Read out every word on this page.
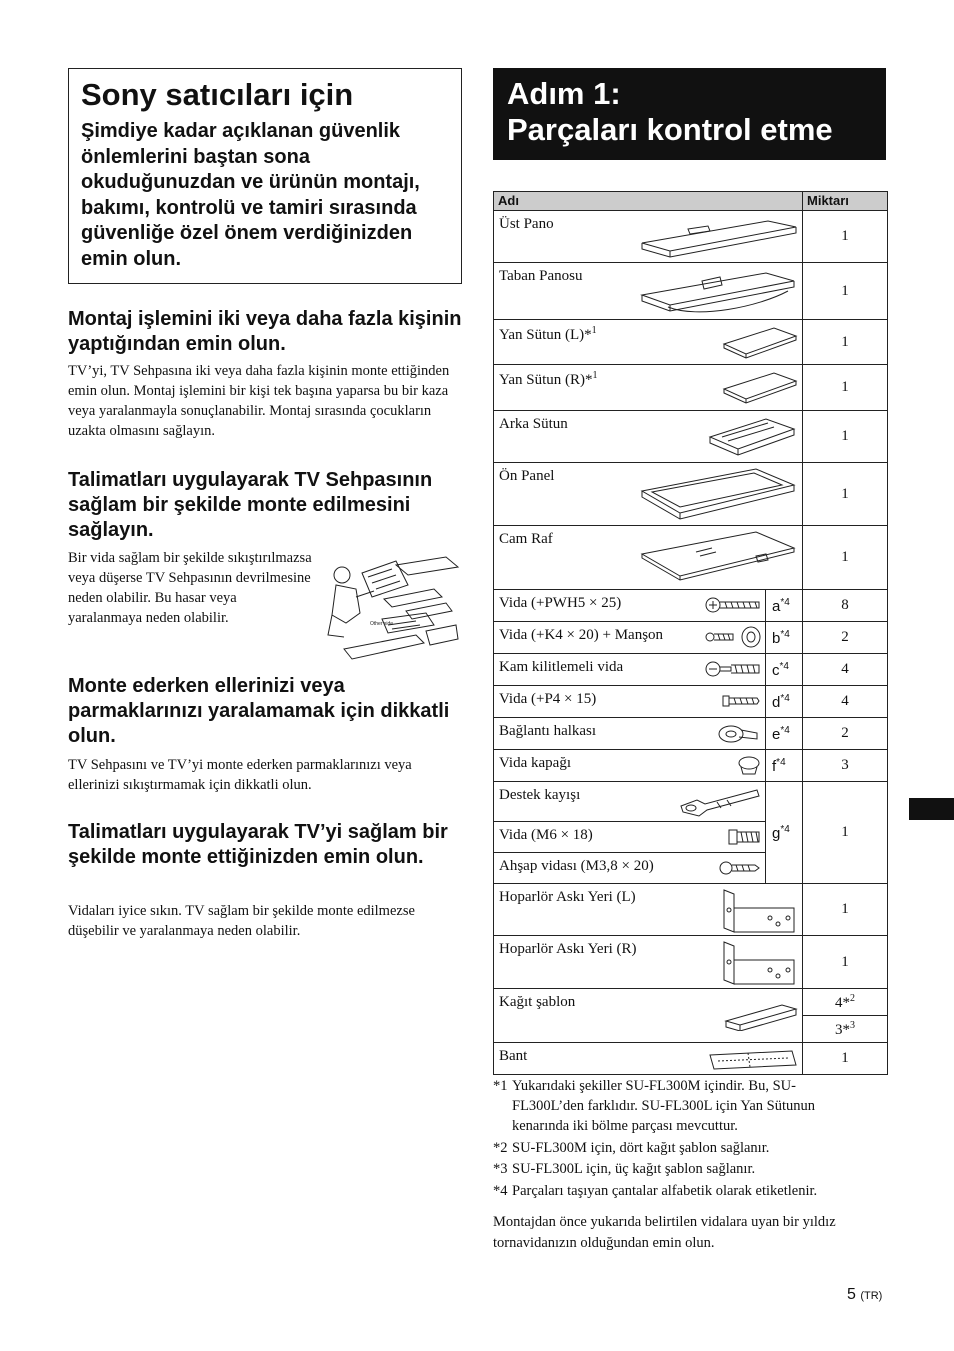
Sony satıcıları için

Şimdiye kadar açıklanan güvenlik önlemlerini baştan sona okuduğunuzdan ve ürünün montajı, bakımı, kontrolü ve tamiri sırasında güvenliğe özel önem verdiğinizden emin olun.

Montaj işlemini iki veya daha fazla kişinin yaptığından emin olun.

TV’yi, TV Sehpasına iki veya daha fazla kişinin monte ettiğinden emin olun. Montaj işlemini bir kişi tek başına yaparsa bu bir kaza veya yaralanmayla sonuçlanabilir. Montaj sırasında çocukların uzakta olmasını sağlayın.

Talimatları uygulayarak TV Sehpasının sağlam bir şekilde monte edilmesini sağlayın.

Bir vida sağlam bir şekilde sıkıştırılmazsa veya düşerse TV Sehpasının devrilmesine neden olabilir. Bu hasar veya yaralanmaya neden olabilir.	Other side
Monte ederken ellerinizi veya parmaklarınızı yaralamamak için dikkatli olun.

TV Sehpasını ve TV’yi monte ederken parmaklarınızı veya ellerinizi sıkıştırmamak için dikkatli olun.

Talimatları uygulayarak TV’yi sağlam bir şekilde monte ettiğinizden emin olun.

Vidaları iyice sıkın. TV sağlam bir şekilde monte edilmezse düşebilir ve yaralanmaya neden olabilir.

Adım 1:
Parçaları kontrol etme
Adı		Miktarı
Üst Pano		1
Taban Panosu		1
Yan Sütun (L)*$^1$		1
Yan Sütun (R)*$^1$		1
Arka Sütun		1
Ön Panel		1
Cam Raf		1
Vida (+PWH5 × 25)	$a^{*4}$	8
Vida (+K4 × 20) + Manşon	$b^{*4}$	2
Kam kilitlemeli vida	$c^{*4}$	4
Vida (+P4 × 15)	$d^{*4}$	4
Bağlantı halkası	$e^{*4}$	2
Vida kapağı	$f^{*4}$	3
Destek kayışı	$g^{*4}$	1
Vida (M6 × 18)		

Ahşap vidası (M3,8 × 20)		

Hoparlör Askı Yeri (L)		1
Hoparlör Askı Yeri (R)		1
Kağıt şablon		4*$^2$
		3*$^3$
Bant		1
*1 Yukarıdaki şekiller SU-FL300M içindir. Bu, SU-FL300L’den farklıdır. SU-FL300L için Yan Sütunun kenarında iki bölme parçası mevcuttur.
*2 SU-FL300M için, dört kağıt şablon sağlanır.
*3 SU-FL300L için, üç kağıt şablon sağlanır.
*4 Parçaları taşıyan çantalar alfabetik olarak etiketlenir.

Montajdan önce yukarıda belirtilen vidalara uyan bir yıldız tornavidanızın olduğundan emin olun.

5 (TR)
